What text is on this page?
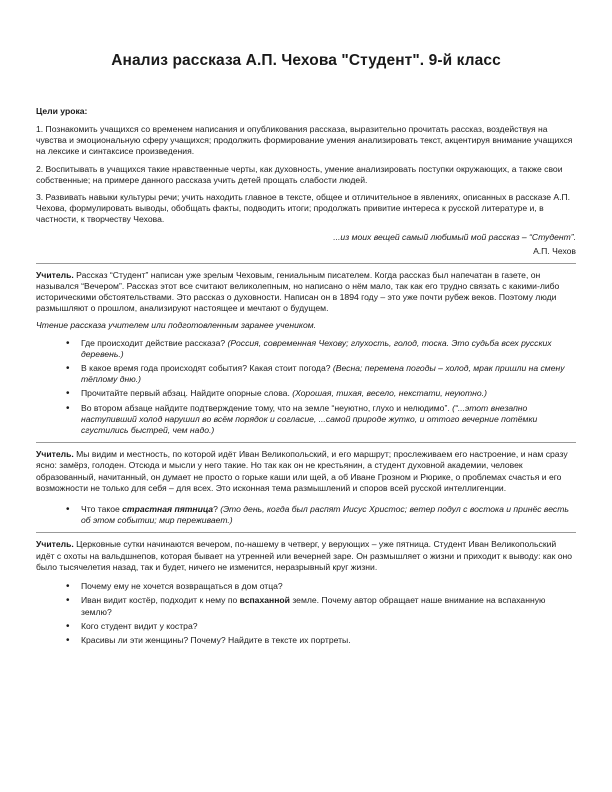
Анализ рассказа А.П. Чехова "Студент". 9-й класс
Цели урока:

1. Познакомить учащихся со временем написания и опубликования рассказа, выразительно прочитать рассказ, воздействуя на чувства и эмоциональную сферу учащихся; продолжить формирование умения анализировать текст, акцентируя внимание учащихся на лексике и синтаксисе произведения.

2. Воспитывать в учащихся такие нравственные черты, как духовность, умение анализировать поступки окружающих, а также свои собственные; на примере данного рассказа учить детей прощать слабости людей.

3. Развивать навыки культуры речи; учить находить главное в тексте, общее и отличительное в явлениях, описанных в рассказе А.П. Чехова, формулировать выводы, обобщать факты, подводить итоги; продолжать привитие интереса к русской литературе и, в частности, к творчеству Чехова.

...из моих вещей самый любимый мой рассказ – “Студент”.
А.П. Чехов

Учитель. Рассказ “Студент” написан уже зрелым Чеховым, гениальным писателем. Когда рассказ был напечатан в газете, он назывался “Вечером”. Рассказ этот все считают великолепным, но написано о нём мало, так как его трудно связать с какими-либо историческими обстоятельствами. Это рассказ о духовности. Написан он в 1894 году – это уже почти рубеж веков. Поэтому люди размышляют о прошлом, анализируют настоящее и мечтают о будущем.

Чтение рассказа учителем или подготовленным заранее учеником.

• Где происходит действие рассказа? (Россия, современная Чехову; глухость, голод, тоска. Это судьба всех русских деревень.)
• В какое время года происходят события? Какая стоит погода? (Весна; перемена погоды – холод, мрак пришли на смену тёплому дню.)
• Прочитайте первый абзац. Найдите опорные слова. (Хорошая, тихая, весело, некстати, неуютно.)
• Во втором абзаце найдите подтверждение тому, что на земле “неуютно, глухо и нелюдимо”. (“...этот внезапно наступивший холод нарушил во всём порядок и согласие, ...самой природе жутко, и оттого вечерние потёмки сгустились быстрей, чем надо.)

Учитель. Мы видим и местность, по которой идёт Иван Великопольский, и его маршрут; прослеживаем его настроение, и нам сразу ясно: замёрз, голоден. Отсюда и мысли у него такие. Но так как он не крестьянин, а студент духовной академии, человек образованный, начитанный, он думает не просто о горьке каши или щей, а об Иване Грозном и Рюрике, о проблемах счастья и его возможности не только для себя – для всех. Это исконная тема размышлений и споров всей русской интеллигенции.

• Что такое страстная пятница? (Это день, когда был распят Иисус Христос; ветер подул с востока и принёс весть об этом событии; мир переживает.)

Учитель. Церковные сутки начинаются вечером, по-нашему в четверг, у верующих – уже пятница. Студент Иван Великопольский идёт с охоты на вальдшнепов, которая бывает на утренней или вечерней заре. Он размышляет о жизни и приходит к выводу: как оно было тысячелетия назад, так и будет, ничего не изменится, неразрывный круг жизни.

• Почему ему не хочется возвращаться в дом отца?
• Иван видит костёр, подходит к нему по вспаханной земле. Почему автор обращает наше внимание на вспаханную землю?
• Кого студент видит у костра?
• Красивы ли эти женщины? Почему? Найдите в тексте их портреты.
